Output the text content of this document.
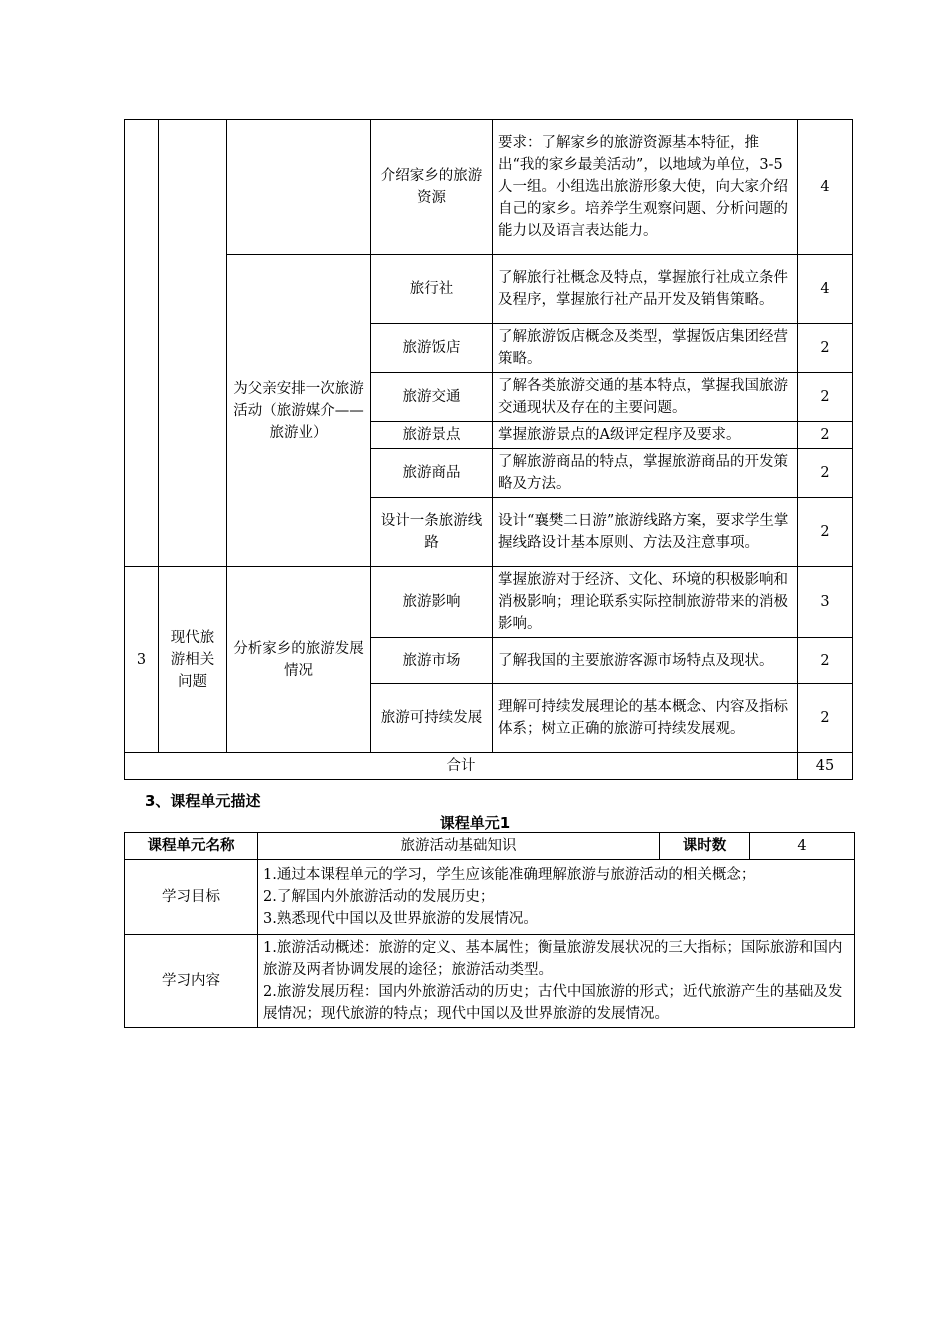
			介绍家乡的旅游资源	要求：了解家乡的旅游资源基本特征，推出“我的家乡最美活动”，以地域为单位，3-5人一组。小组选出旅游形象大使，向大家介绍自己的家乡。培养学生观察问题、分析问题的能力以及语言表达能力。	4
		为父亲安排一次旅游活动（旅游媒介——旅游业）	旅行社	了解旅行社概念及特点，掌握旅行社成立条件及程序，掌握旅行社产品开发及销售策略。	4
			旅游饭店	了解旅游饭店概念及类型，掌握饭店集团经营策略。	2
			旅游交通	了解各类旅游交通的基本特点，掌握我国旅游交通现状及存在的主要问题。	2
			旅游景点	掌握旅游景点的A级评定程序及要求。	2
			旅游商品	了解旅游商品的特点，掌握旅游商品的开发策略及方法。	2
			设计一条旅游线路	设计“襄樊二日游”旅游线路方案，要求学生掌握线路设计基本原则、方法及注意事项。	2
3	现代旅游相关问题	分析家乡的旅游发展情况	旅游影响	掌握旅游对于经济、文化、环境的积极影响和消极影响；理论联系实际控制旅游带来的消极影响。	3
			旅游市场	了解我国的主要旅游客源市场特点及现状。	2
			旅游可持续发展	理解可持续发展理论的基本概念、内容及指标体系；树立正确的旅游可持续发展观。	2
合计					45
3、课程单元描述
课程单元1
课程单元名称	旅游活动基础知识	课时数	4
学习目标	1.通过本课程单元的学习，学生应该能准确理解旅游与旅游活动的相关概念；
2.了解国内外旅游活动的发展历史；
3.熟悉现代中国以及世界旅游的发展情况。		

学习内容	1.旅游活动概述：旅游的定义、基本属性；衡量旅游发展状况的三大指标；国际旅游和国内旅游及两者协调发展的途径；旅游活动类型。
2.旅游发展历程：国内外旅游活动的历史；古代中国旅游的形式；近代旅游产生的基础及发展情况；现代旅游的特点；现代中国以及世界旅游的发展情况。		
